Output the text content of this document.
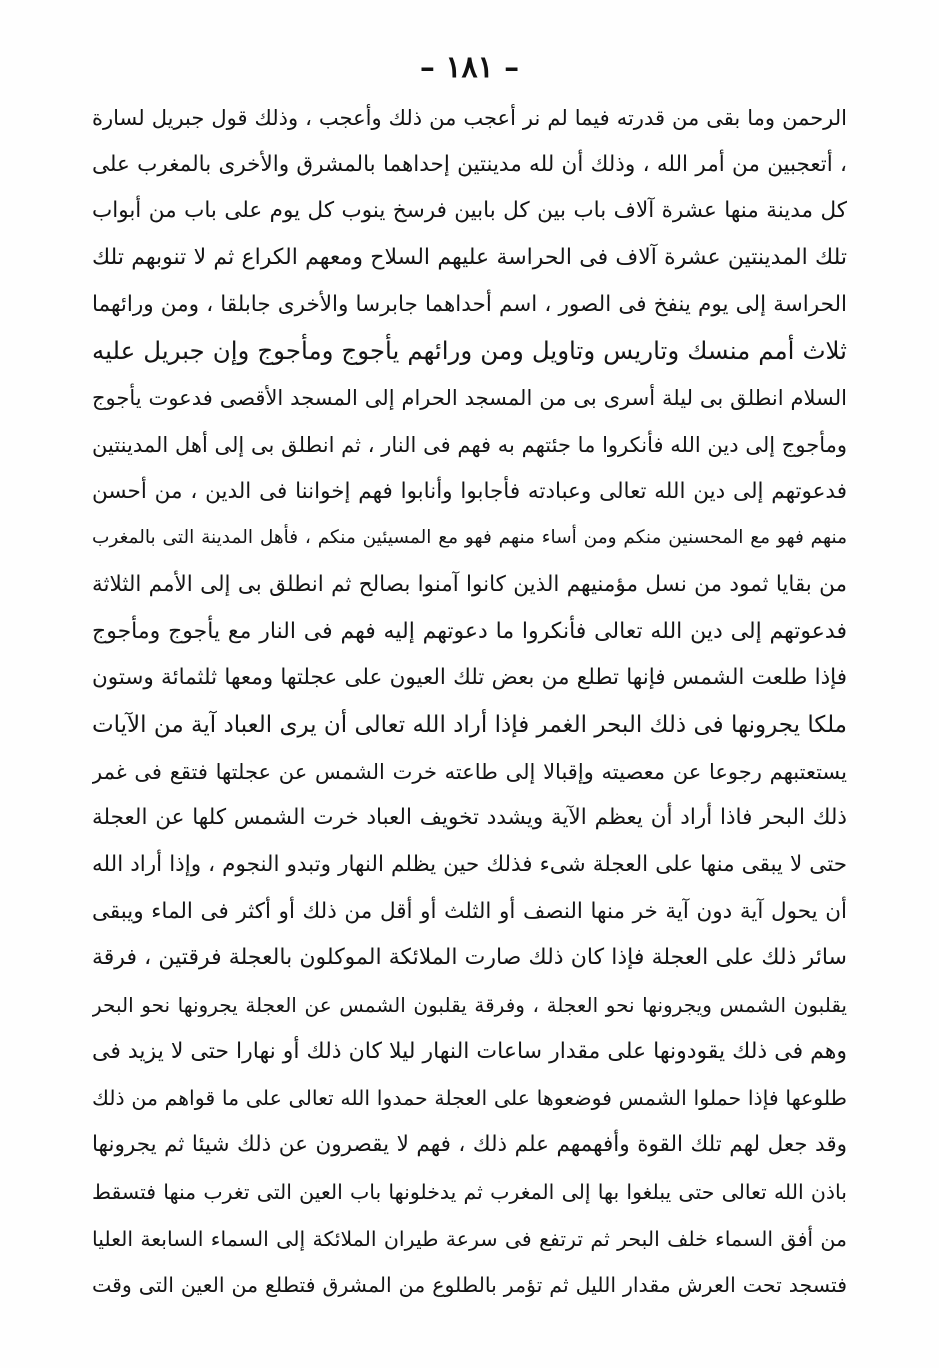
– ١٨١ –
الرحمن وما بقى من قدرته فيما لم نر أعجب من ذلك وأعجب ، وذلك قول جبريل لسارة
، أتعجبين من أمر الله ، وذلك أن لله مدينتين إحداهما بالمشرق والأخرى بالمغرب على
كل مدينة منها عشرة آلاف باب بين كل بابين فرسخ ينوب كل يوم على باب من أبواب
تلك المدينتين عشرة آلاف فى الحراسة عليهم السلاح ومعهم الكراع ثم لا تنوبهم تلك
الحراسة إلى يوم ينفخ فى الصور ، اسم أحداهما جابرسا والأخرى جابلقا ، ومن ورائهما
ثلاث أمم منسك وتاريس وتاويل ومن ورائهم يأجوج ومأجوج وإن جبريل عليه
السلام انطلق بى ليلة أسرى بى من المسجد الحرام إلى المسجد الأقصى فدعوت يأجوج
ومأجوج إلى دين الله فأنكروا ما جئتهم به فهم فى النار ، ثم انطلق بى إلى أهل المدينتين
فدعوتهم إلى دين الله تعالى وعبادته فأجابوا وأنابوا فهم إخواننا فى الدين ، من أحسن
منهم فهو مع المحسنين منكم ومن أساء منهم فهو مع المسيئين منكم ، فأهل المدينة التى بالمغرب
من بقايا ثمود من نسل مؤمنيهم الذين كانوا آمنوا بصالح ثم انطلق بى إلى الأمم الثلاثة
فدعوتهم إلى دين الله تعالى فأنكروا ما دعوتهم إليه فهم فى النار مع يأجوج ومأجوج
فإذا طلعت الشمس فإنها تطلع من بعض تلك العيون على عجلتها ومعها ثلثمائة وستون
ملكا يجرونها فى ذلك البحر الغمر فإذا أراد الله تعالى أن يرى العباد آية من الآيات
يستعتبهم رجوعا عن معصيته وإقبالا إلى طاعته خرت الشمس عن عجلتها فتقع فى غمر
ذلك البحر فاذا أراد أن يعظم الآية ويشدد تخويف العباد خرت الشمس كلها عن العجلة
حتى لا يبقى منها على العجلة شىء فذلك حين يظلم النهار وتبدو النجوم ، وإذا أراد الله
أن يحول آية دون آية خر منها النصف أو الثلث أو أقل من ذلك أو أكثر فى الماء ويبقى
سائر ذلك على العجلة فإذا كان ذلك صارت الملائكة الموكلون بالعجلة فرقتين ، فرقة
يقلبون الشمس ويجرونها نحو العجلة ، وفرقة يقلبون الشمس عن العجلة يجرونها نحو البحر
وهم فى ذلك يقودونها على مقدار ساعات النهار ليلا كان ذلك أو نهارا حتى لا يزيد فى
طلوعها فإذا حملوا الشمس فوضعوها على العجلة حمدوا الله تعالى على ما قواهم من ذلك
وقد جعل لهم تلك القوة وأفهمهم علم ذلك ، فهم لا يقصرون عن ذلك شيئا ثم يجرونها
باذن الله تعالى حتى يبلغوا بها إلى المغرب ثم يدخلونها باب العين التى تغرب منها فتسقط
من أفق السماء خلف البحر ثم ترتفع فى سرعة طيران الملائكة إلى السماء السابعة العليا
فتسجد تحت العرش مقدار الليل ثم تؤمر بالطلوع من المشرق فتطلع من العين التى وقت
